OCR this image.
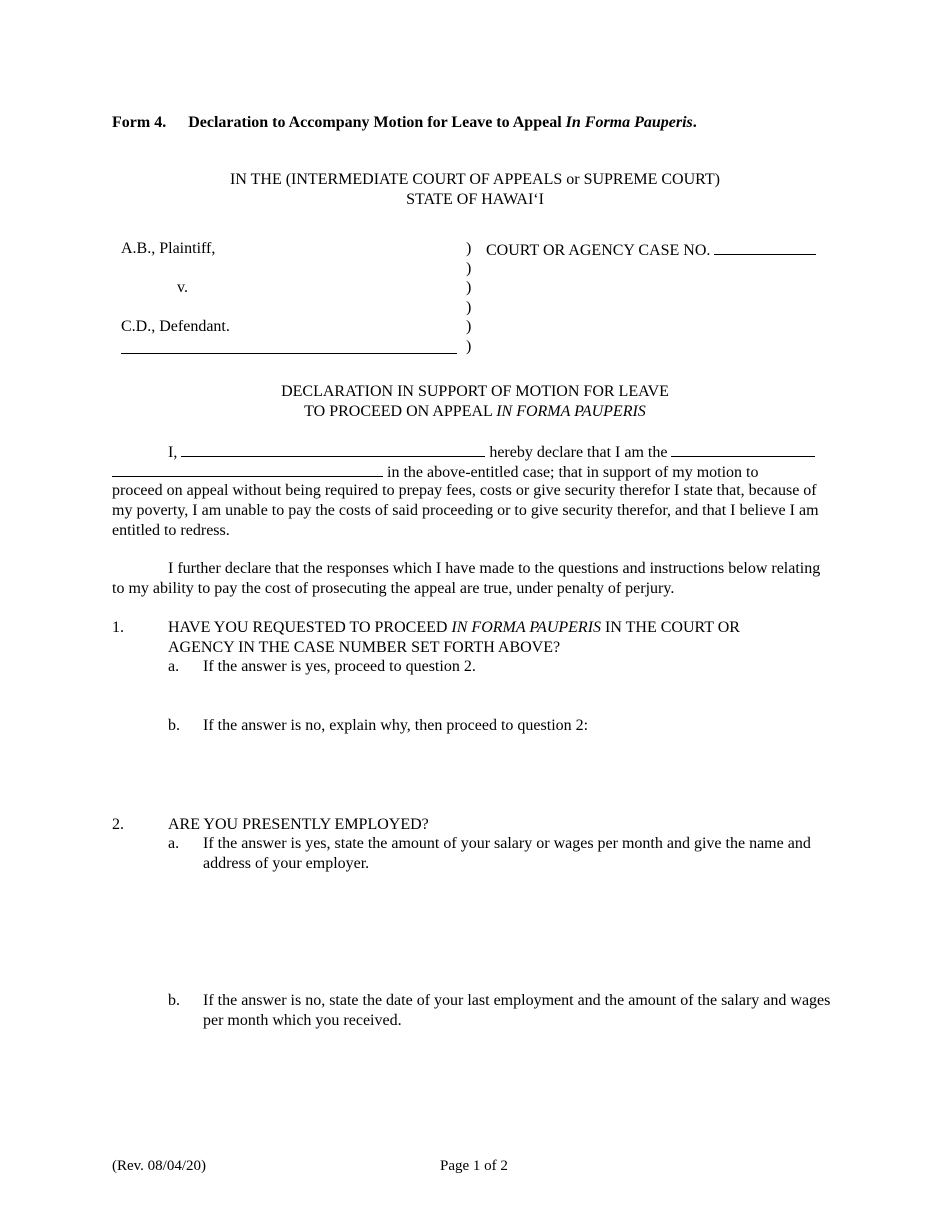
Form 4. Declaration to Accompany Motion for Leave to Appeal In Forma Pauperis.
IN THE (INTERMEDIATE COURT OF APPEALS or SUPREME COURT)
STATE OF HAWAI‘I
A.B., Plaintiff,
v.
C.D., Defendant.
)
)
)
)
)
)
COURT OR AGENCY CASE NO.
DECLARATION IN SUPPORT OF MOTION FOR LEAVE
TO PROCEED ON APPEAL IN FORMA PAUPERIS
I,	hereby declare that I am the
in the above-entitled case; that in support of my motion to
proceed on appeal without being required to prepay fees, costs or give security therefor I state that, because of my poverty, I am unable to pay the costs of said proceeding or to give security therefor, and that I believe I am entitled to redress.
I further declare that the responses which I have made to the questions and instructions below relating to my ability to pay the cost of prosecuting the appeal are true, under penalty of perjury.
1.	HAVE YOU REQUESTED TO PROCEED IN FORMA PAUPERIS IN THE COURT OR
AGENCY IN THE CASE NUMBER SET FORTH ABOVE?
a. If the answer is yes, proceed to question 2.
b. If the answer is no, explain why, then proceed to question 2:
2.	ARE YOU PRESENTLY EMPLOYED?
a. If the answer is yes, state the amount of your salary or wages per month and give the name and address of your employer.
b. If the answer is no, state the date of your last employment and the amount of the salary and wages per month which you received.
(Rev. 08/04/20)	Page 1 of 2
